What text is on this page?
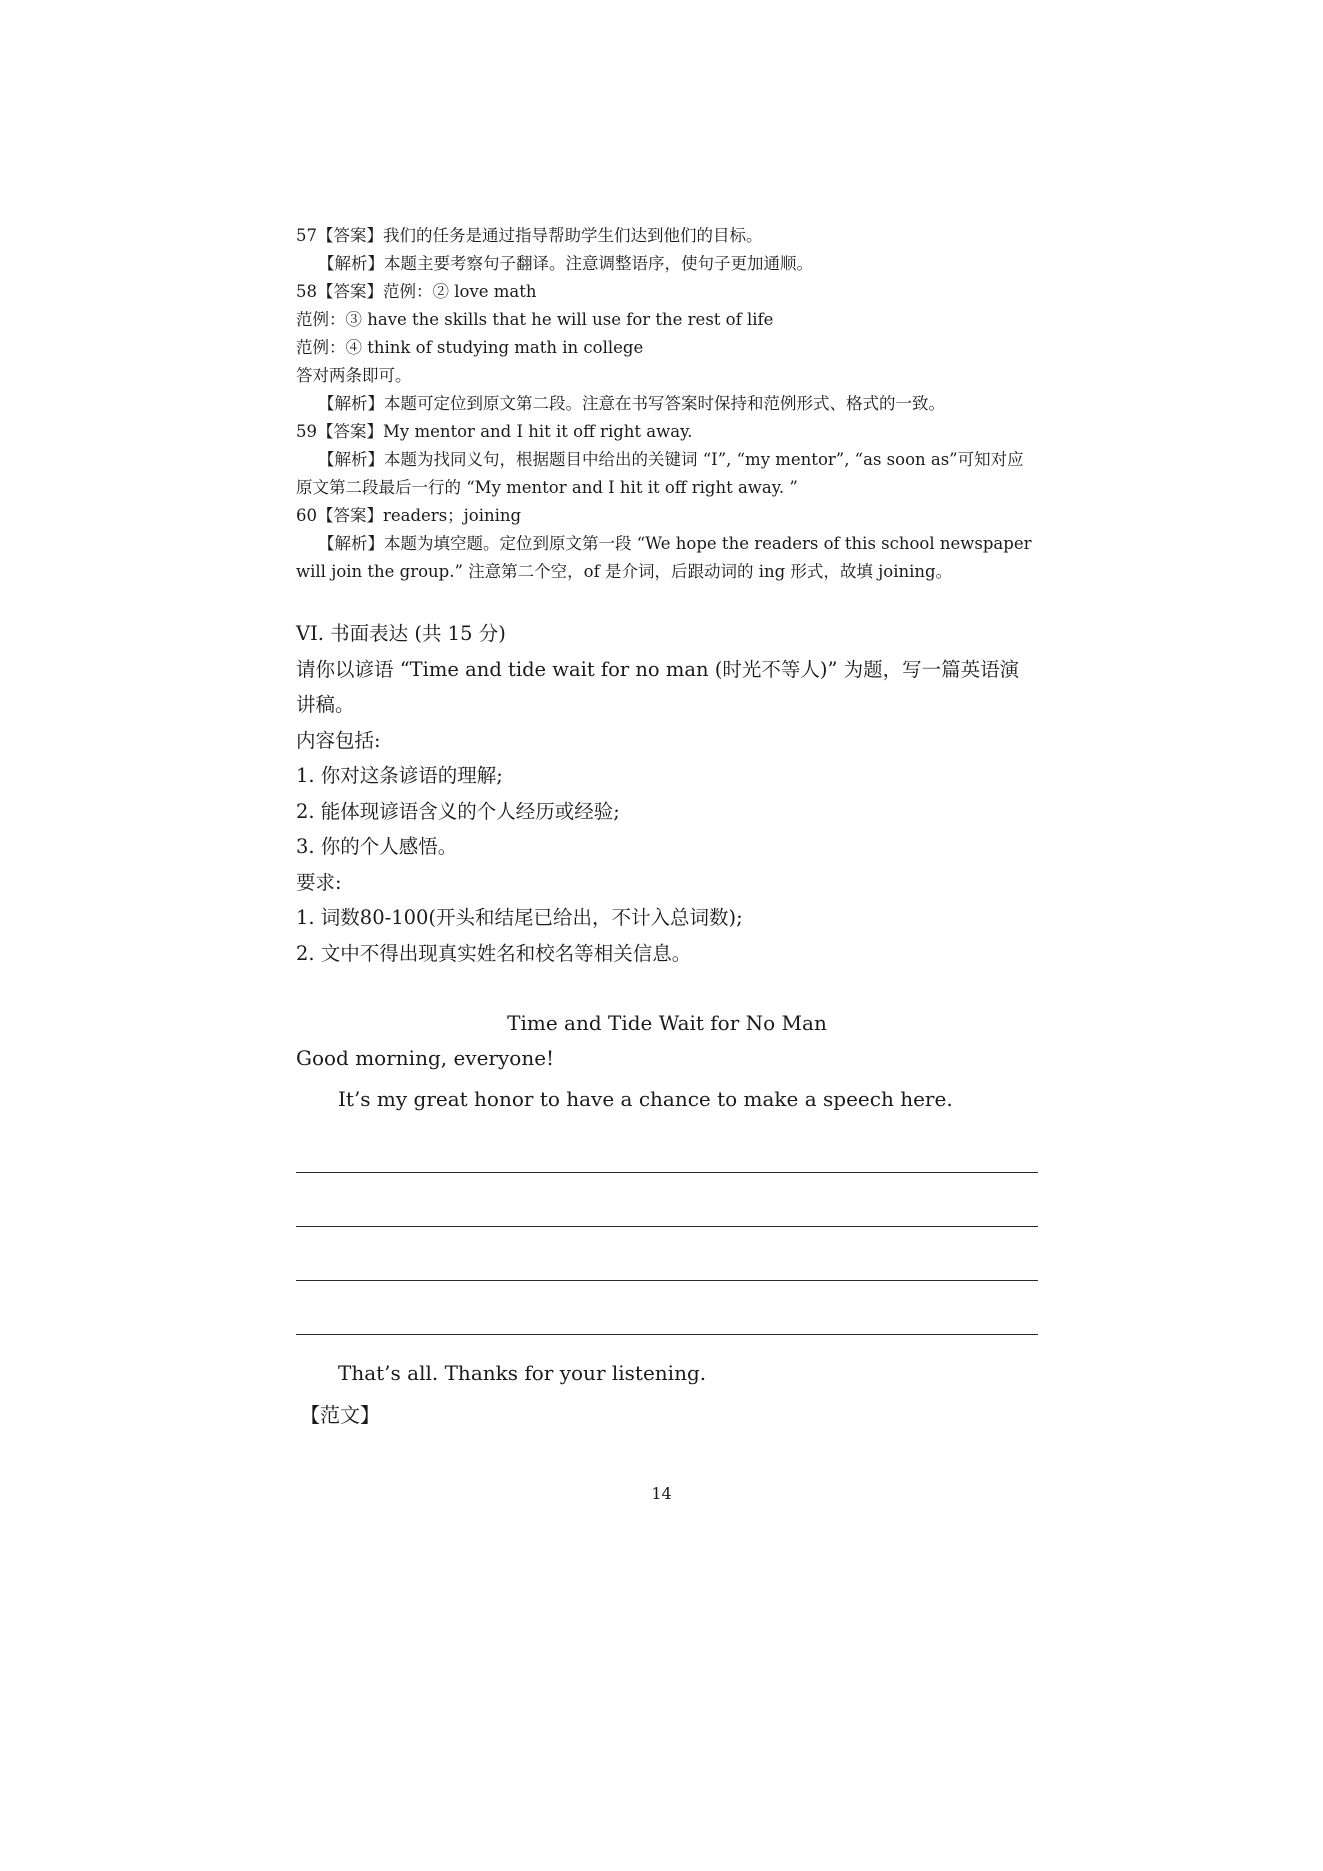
57【答案】我们的任务是通过指导帮助学生们达到他们的目标。

【解析】本题主要考察句子翻译。注意调整语序，使句子更加通顺。

58【答案】范例：② love math

范例：③ have the skills that he will use for the rest of life

范例：④ think of studying math in college

答对两条即可。

【解析】本题可定位到原文第二段。注意在书写答案时保持和范例形式、格式的一致。

59【答案】My mentor and I hit it off right away.

【解析】本题为找同义句，根据题目中给出的关键词 “I”, “my mentor”, “as soon as”可知对应原文第二段最后一行的 “My mentor and I hit it off right away. ”

60【答案】readers；joining

【解析】本题为填空题。定位到原文第一段 “We hope the readers of this school newspaper will join the group.” 注意第二个空，of 是介词，后跟动词的 ing 形式，故填 joining。

VI. 书面表达 (共 15 分)

请你以谚语 “Time and tide wait for no man (时光不等人)” 为题，写一篇英语演讲稿。

内容包括:

1. 你对这条谚语的理解;

2. 能体现谚语含义的个人经历或经验;

3. 你的个人感悟。

要求:

1. 词数80-100(开头和结尾已给出，不计入总词数);

2. 文中不得出现真实姓名和校名等相关信息。

Time and Tide Wait for No Man

Good morning, everyone!

It’s my great honor to have a chance to make a speech here.

That’s all. Thanks for your listening.

【范文】

14
